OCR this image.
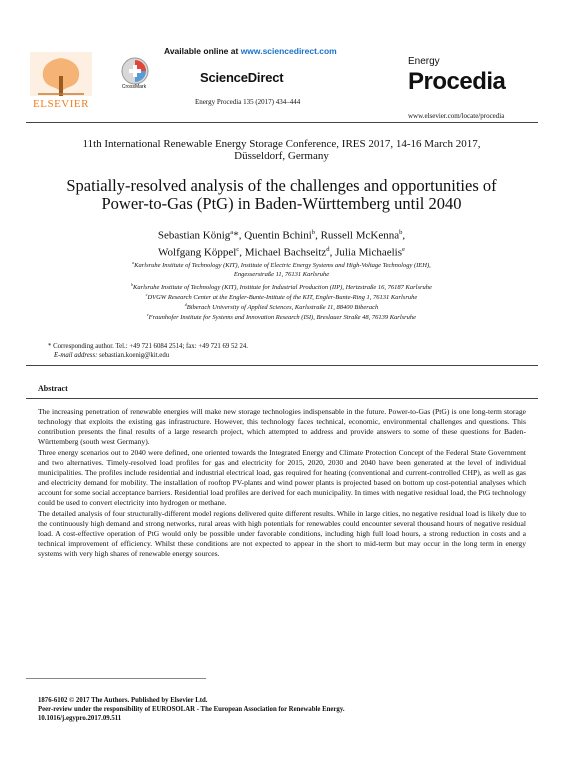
ELSEVIER
CrossMark
Available online at www.sciencedirect.com
ScienceDirect
Energy Procedia 135 (2017) 434–444
Energy
Procedia
www.elsevier.com/locate/procedia
11th International Renewable Energy Storage Conference, IRES 2017, 14-16 March 2017,
Düsseldorf, Germany
Spatially-resolved analysis of the challenges and opportunities of
Power-to-Gas (PtG) in Baden-Württemberg until 2040
Sebastian König$^a$*, Quentin Bchini$^b$, Russell McKenna$^b$,
Wolfgang Köppel$^c$, Michael Bachseitz$^d$, Julia Michaelis$^e$
$^a$Karlsruhe Institute of Technology (KIT), Institute of Electric Energy Systems and High-Voltage Technology (IEH),
Engesserstraße 11, 76131 Karlsruhe
$^b$Karlsruhe Institute of Technology (KIT), Institute for Industrial Production (IIP), Hertzstraße 16, 76187 Karlsruhe
$^c$DVGW Research Center at the Engler-Bunte-Intitute of the KIT, Engler-Bunte-Ring 1, 76131 Karlsruhe
$^d$Biberach University of Applied Sciences, Karlsstraße 11, 88400 Biberach
$^e$Fraunhofer Institute for Systems and Innovation Research (ISI), Breslauer Straße 48, 76139 Karlsruhe
* Corresponding author. Tel.: +49 721 6084 2514; fax: +49 721 69 52 24.
E-mail address: sebastian.koenig@kit.edu
Abstract

The increasing penetration of renewable energies will make new storage technologies indispensable in the future. Power-to-Gas (PtG) is one long-term storage technology that exploits the existing gas infrastructure. However, this technology faces technical, economic, environmental challenges and questions. This contribution presents the final results of a large research project, which attempted to address and provide answers to some of these questions for Baden-Württemberg (south west Germany).

Three energy scenarios out to 2040 were defined, one oriented towards the Integrated Energy and Climate Protection Concept of the Federal State Government and two alternatives. Timely-resolved load profiles for gas and electricity for 2015, 2020, 2030 and 2040 have been generated at the level of individual municipalities. The profiles include residential and industrial electrical load, gas required for heating (conventional and current-controlled CHP), as well as gas and electricity demand for mobility. The installation of rooftop PV-plants and wind power plants is projected based on bottom up cost-potential analyses which account for some social acceptance barriers. Residential load profiles are derived for each municipality. In times with negative residual load, the PtG technology could be used to convert electricity into hydrogen or methane.

The detailed analysis of four structurally-different model regions delivered quite different results. While in large cities, no negative residual load is likely due to the continuously high demand and strong networks, rural areas with high potentials for renewables could encounter several thousand hours of negative residual load. A cost-effective operation of PtG would only be possible under favorable conditions, including high full load hours, a strong reduction in costs and a technical improvement of efficiency. Whilst these conditions are not expected to appear in the short to mid-term but may occur in the long term in energy systems with very high shares of renewable energy sources.

1876-6102 © 2017 The Authors. Published by Elsevier Ltd.
Peer-review under the responsibility of EUROSOLAR - The European Association for Renewable Energy.
10.1016/j.egypro.2017.09.511
